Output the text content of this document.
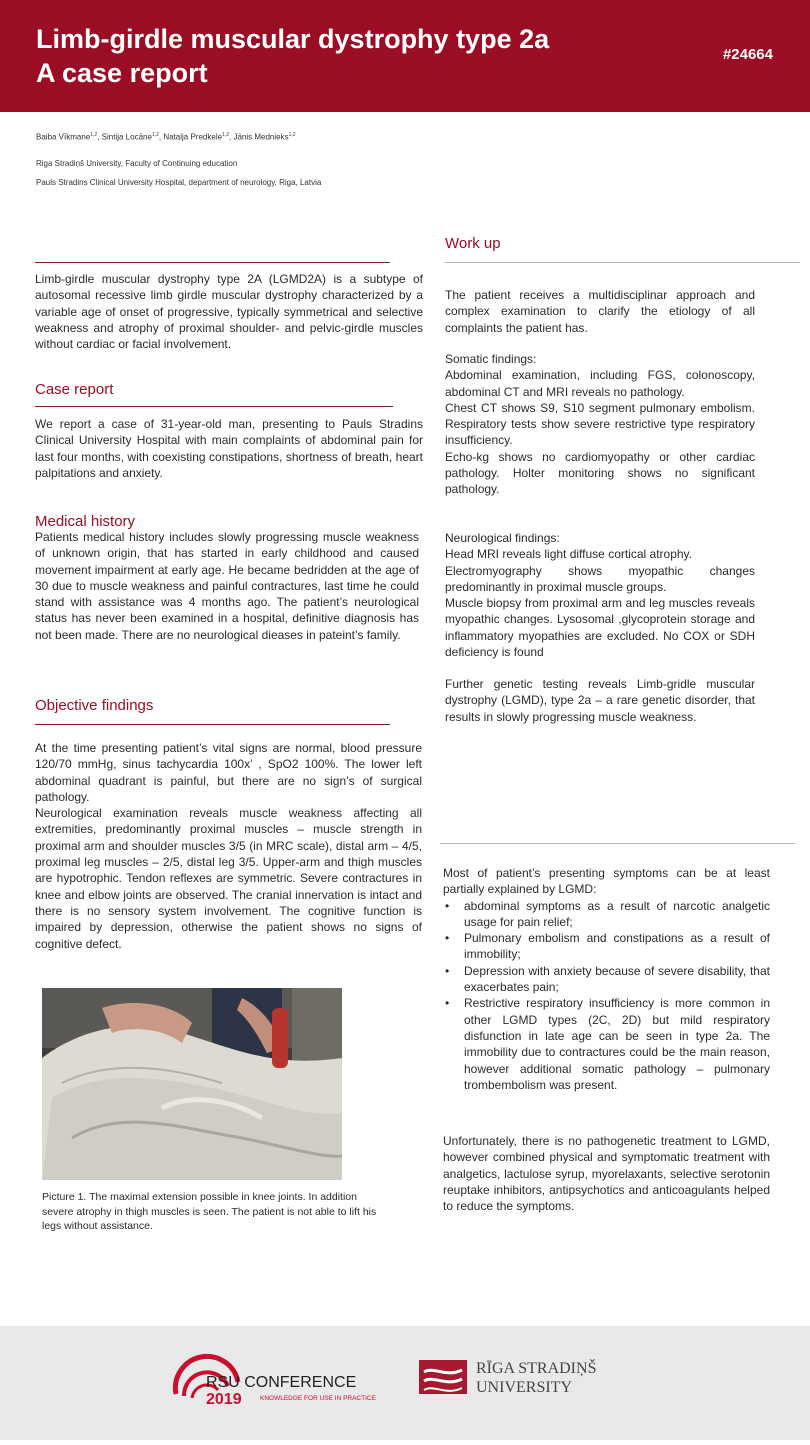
Limb-girdle muscular dystrophy type 2a
A case report
#24664
Baiba Vīkmane$^{1,2}$, Sintija Locāne$^{1,2}$, Natalja Predkele$^{1,2}$, Jānis Mednieks$^{1,2}$
Riga Stradiņš University, Faculty of Continuing education
Pauls Stradins Clinical University Hospital, department of neurology, Riga, Latvia
Limb-girdle muscular dystrophy type 2A (LGMD2A) is a subtype of autosomal recessive limb girdle muscular dystrophy characterized by a variable age of onset of progressive, typically symmetrical and selective weakness and atrophy of proximal shoulder- and pelvic-girdle muscles without cardiac or facial involvement.
Case report
We report a case of 31-year-old man, presenting to Pauls Stradins Clinical University Hospital with main complaints of abdominal pain for last four months, with coexisting constipations, shortness of breath, heart palpitations and anxiety.
Medical history
Patients medical history includes slowly progressing muscle weakness of unknown origin, that has started in early childhood and caused movement impairment at early age. He became bedridden at the age of 30 due to muscle weakness and painful contractures, last time he could stand with assistance was 4 months ago. The patient’s neurological status has never been examined in a hospital, definitive diagnosis has not been made. There are no neurological dieases in pateint’s family.
Objective findings

At the time presenting patient’s vital signs are normal, blood pressure 120/70 mmHg, sinus tachycardia 100x’ , SpO2 100%. The lower left abdominal quadrant is painful, but there are no sign’s of surgical pathology.

Neurological examination reveals muscle weakness affecting all extremities, predominantly proximal muscles – muscle strength in proximal arm and shoulder muscles 3/5 (in MRC scale), distal arm – 4/5, proximal leg muscles – 2/5, distal leg 3/5. Upper-arm and thigh muscles are hypotrophic. Tendon reflexes are symmetric. Severe contractures in knee and elbow joints are observed. The cranial innervation is intact and there is no sensory system involvement. The cognitive function is impaired by depression, otherwise the patient shows no signs of cognitive defect.

Picture 1. The maximal extension possible in knee joints. In addition severe atrophy in thigh muscles is seen. The patient is not able to lift his legs without assistance.
Work up
The patient receives a multidisciplinar approach and complex examination to clarify the etiology of all complaints the patient has.

Somatic findings:

Abdominal examination, including FGS, colonoscopy, abdominal CT and MRI reveals no pathology.

Chest CT shows S9, S10 segment pulmonary embolism. Respiratory tests show severe restrictive type respiratory insufficiency.

Echo-kg shows no cardiomyopathy or other cardiac pathology. Holter monitoring shows no significant pathology.

Neurological findings:

Head MRI reveals light diffuse cortical atrophy.

Electromyography shows myopathic changes predominantly in proximal muscle groups.

Muscle biopsy from proximal arm and leg muscles reveals myopathic changes. Lysosomal ,glycoprotein storage and inflammatory myopathies are excluded. No COX or SDH deficiency is found

Further genetic testing reveals Limb-gridle muscular dystrophy (LGMD), type 2a – a rare genetic disorder, that results in slowly progressing muscle weakness.

Most of patient’s presenting symptoms can be at least partially explained by LGMD:

• abdominal symptoms as a result of narcotic analgetic usage for pain relief;
• Pulmonary embolism and constipations as a result of immobility;
• Depression with anxiety because of severe disability, that exacerbates pain;
• Restrictive respiratory insufficiency is more common in other LGMD types (2C, 2D) but mild respiratory disfunction in late age can be seen in type 2a. The immobility due to contractures could be the main reason, however additional somatic pathology – pulmonary trombembolism was present.
Unfortunately, there is no pathogenetic treatment to LGMD, however combined physical and symptomatic treatment with analgetics, lactulose syrup, myorelaxants, selective serotonin reuptake inhibitors, antipsychotics and anticoagulants helped to reduce the symptoms.
RSU CONFERENCE
2019	KNOWLEDGE FOR USE IN PRACTICE
RĪGA STRADIŅŠ
UNIVERSITY
